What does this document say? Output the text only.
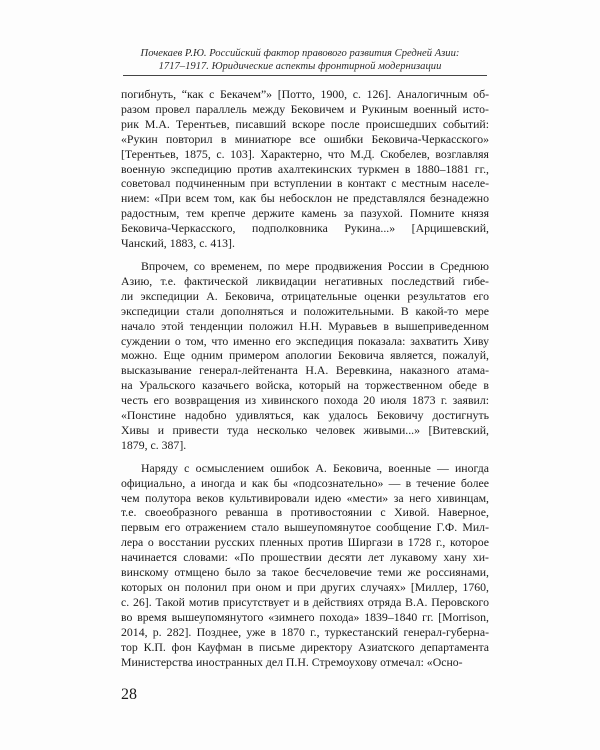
Почекаев Р.Ю. Российский фактор правового развития Средней Азии:
1717–1917. Юридические аспекты фронтирной модернизации

погибнуть, “как с Бекачем”» [Потто, 1900, с. 126]. Аналогичным об-
разом провел параллель между Бековичем и Рукиным военный исто-
рик М.А. Терентьев, писавший вскоре после происшедших событий:
«Рукин повторил в миниатюре все ошибки Бековича-Черкасского»
[Терентьев, 1875, с. 103]. Характерно, что М.Д. Скобелев, возглавляя
военную экспедицию против ахалтекинских туркмен в 1880–1881 гг.,
советовал подчиненным при вступлении в контакт с местным населе-
нием: «При всем том, как бы небосклон не представлялся безнадежно
радостным, тем крепче держите камень за пазухой. Помните князя
Бековича-Черкасского, подполковника Рукина...» [Арцишевский,
Чанский, 1883, с. 413].

Впрочем, со временем, по мере продвижения России в Среднюю
Азию, т.е. фактической ликвидации негативных последствий гибе-
ли экспедиции А. Бековича, отрицательные оценки результатов его
экспедиции стали дополняться и положительными. В какой-то мере
начало этой тенденции положил Н.Н. Муравьев в вышеприведенном
суждении о том, что именно его экспедиция показала: захватить Хиву
можно. Еще одним примером апологии Бековича является, пожалуй,
высказывание генерал-лейтенанта Н.А. Веревкина, наказного атама-
на Уральского казачьего войска, который на торжественном обеде в
честь его возвращения из хивинского похода 20 июля 1873 г. заявил:
«Понстине надобно удивляться, как удалось Бековичу достигнуть
Хивы и привести туда несколько человек живыми...» [Витевский,
1879, с. 387].

Наряду с осмыслением ошибок А. Бековича, военные — иногда
официально, а иногда и как бы «подсознательно» — в течение более
чем полутора веков культивировали идею «мести» за него хивинцам,
т.е. своеобразного реванша в противостоянии с Хивой. Наверное,
первым его отражением стало вышеупомянутое сообщение Г.Ф. Мил-
лера о восстании русских пленных против Ширгази в 1728 г., которое
начинается словами: «По прошествии десяти лет лукавому хану хи-
винскому отмщено было за такое бесчеловечие теми же россиянами,
которых он полонил при оном и при других случаях» [Миллер, 1760,
с. 26]. Такой мотив присутствует и в действиях отряда В.А. Перовского
во время вышеупомянутого «зимнего похода» 1839–1840 гг. [Morrison,
2014, р. 282]. Позднее, уже в 1870 г., туркестанский генерал-губерна-
тор К.П. фон Кауфман в письме директору Азиатского департамента
Министерства иностранных дел П.Н. Стремоухову отмечал: «Осно-

28
